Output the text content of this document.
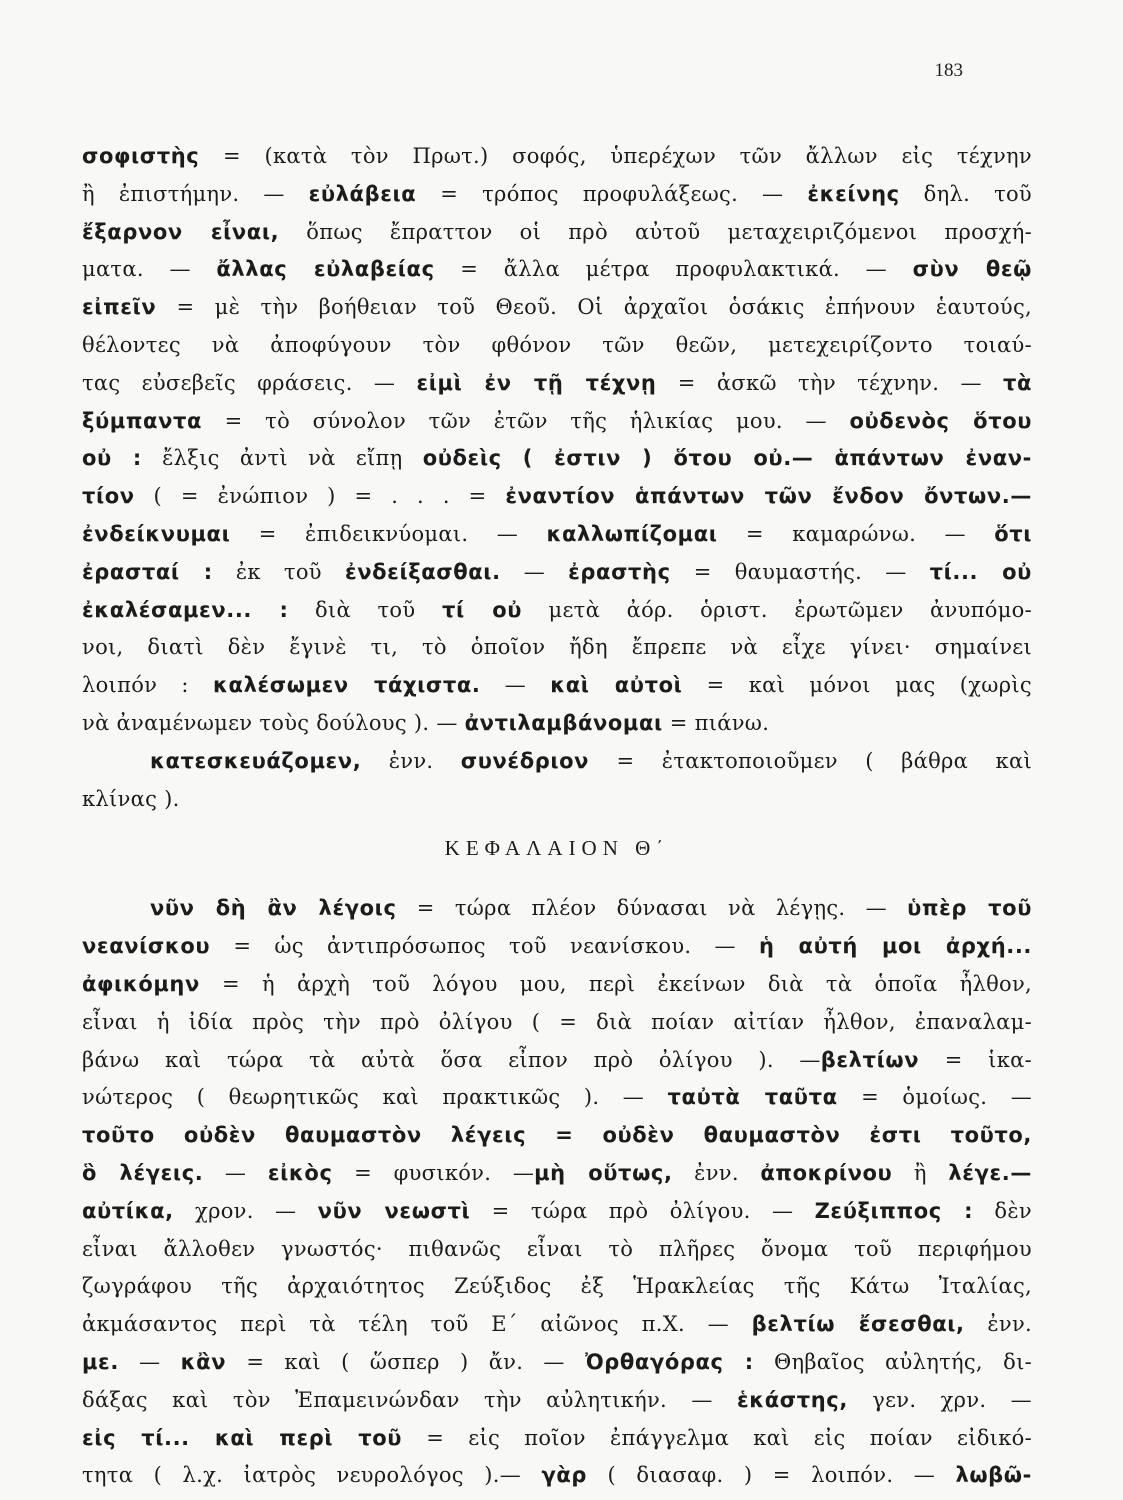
183
σοφιστὴς = (κατὰ τὸν Πρωτ.) σοφός, ὑπερέχων τῶν ἄλλων εἰς τέχνην
ἢ ἐπιστήμην. — εὐλάβεια = τρόπος προφυλάξεως. — ἐκείνης δηλ. τοῦ
ἔξαρνον εἶναι, ὅπως ἔπραττον οἱ πρὸ αὐτοῦ μεταχειριζόμενοι προσχή-
ματα. — ἄλλας εὐλαβείας = ἄλλα μέτρα προφυλακτικά. — σὺν θεῷ
εἰπεῖν = μὲ τὴν βοήθειαν τοῦ Θεοῦ. Οἱ ἀρχαῖοι ὁσάκις ἐπήνουν ἑαυτούς,
θέλοντες νὰ ἀποφύγουν τὸν φθόνον τῶν θεῶν, μετεχειρίζοντο τοιαύ-
τας εὐσεβεῖς φράσεις. — εἰμὶ ἐν τῇ τέχνῃ = ἀσκῶ τὴν τέχνην. — τὰ
ξύμπαντα = τὸ σύνολον τῶν ἐτῶν τῆς ἡλικίας μου. — οὐδενὸς ὅτου
οὐ : ἔλξις ἀντὶ νὰ εἴπῃ οὐδεὶς ( ἐστιν ) ὅτου οὐ.— ἁπάντων ἐναν-
τίον ( = ἐνώπιον ) = . . . = ἐναντίον ἁπάντων τῶν ἔνδον ὄντων.—
ἐνδείκνυμαι = ἐπιδεικνύομαι. — καλλωπίζομαι = καμαρώνω. — ὅτι
ἐρασταί : ἐκ τοῦ ἐνδείξασθαι. — ἐραστὴς = θαυμαστής. — τί... οὐ
ἐκαλέσαμεν... : διὰ τοῦ τί οὐ μετὰ ἀόρ. ὁριστ. ἐρωτῶμεν ἀνυπόμο-
νοι, διατὶ δὲν ἔγινὲ τι, τὸ ὁποῖον ἤδη ἔπρεπε νὰ εἶχε γίνει· σημαίνει
λοιπόν : καλέσωμεν τάχιστα. — καὶ αὐτοὶ = καὶ μόνοι μας (χωρὶς
νὰ ἀναμένωμεν τοὺς δούλους ). — ἀντιλαμβάνομαι = πιάνω.
κατεσκευάζομεν, ἐνν. συνέδριον = ἐτακτοποιοῦμεν ( βάθρα καὶ
κλίνας ).
ΚΕΦΑΛΑΙΟΝ Θ΄
νῦν δὴ ἂν λέγοις = τώρα πλέον δύνασαι νὰ λέγῃς. — ὑπὲρ τοῦ
νεανίσκου = ὡς ἀντιπρόσωπος τοῦ νεανίσκου. — ἡ αὐτή μοι ἀρχή...
ἀφικόμην = ἡ ἀρχὴ τοῦ λόγου μου, περὶ ἐκείνων διὰ τὰ ὁποῖα ἦλθον,
εἶναι ἡ ἰδία πρὸς τὴν πρὸ ὀλίγου ( = διὰ ποίαν αἰτίαν ἦλθον, ἐπαναλαμ-
βάνω καὶ τώρα τὰ αὐτὰ ὅσα εἶπον πρὸ ὀλίγου ). —βελτίων = ἱκα-
νώτερος ( θεωρητικῶς καὶ πρακτικῶς ). — ταὐτὰ ταῦτα = ὁμοίως. —
τοῦτο οὐδὲν θαυμαστὸν λέγεις = οὐδὲν θαυμαστὸν ἐστι τοῦτο,
ὃ λέγεις. — εἰκὸς = φυσικόν. —μὴ οὕτως, ἐνν. ἀποκρίνου ἢ λέγε.—
αὐτίκα, χρον. — νῦν νεωστὶ = τώρα πρὸ ὀλίγου. — Ζεύξιππος : δὲν
εἶναι ἄλλοθεν γνωστός· πιθανῶς εἶναι τὸ πλῆρες ὄνομα τοῦ περιφήμου
ζωγράφου τῆς ἀρχαιότητος Ζεύξιδος ἐξ Ἡρακλείας τῆς Κάτω Ἰταλίας,
ἀκμάσαντος περὶ τὰ τέλη τοῦ Ε΄ αἰῶνος π.Χ. — βελτίω ἔσεσθαι, ἐνν.
με. — κἂν = καὶ ( ὥσπερ ) ἄν. — Ὀρθαγόρας : Θηβαῖος αὐλητής, δι-
δάξας καὶ τὸν Ἐπαμεινώνδαν τὴν αὐλητικήν. — ἑκάστης, γεν. χρν. —
εἰς τί... καὶ περὶ τοῦ = εἰς ποῖον ἐπάγγελμα καὶ εἰς ποίαν εἰδικό-
τητα ( λ.χ. ἰατρὸς νευρολόγος ).— γὰρ ( διασαφ. ) = λοιπόν. — λωβῶ-
